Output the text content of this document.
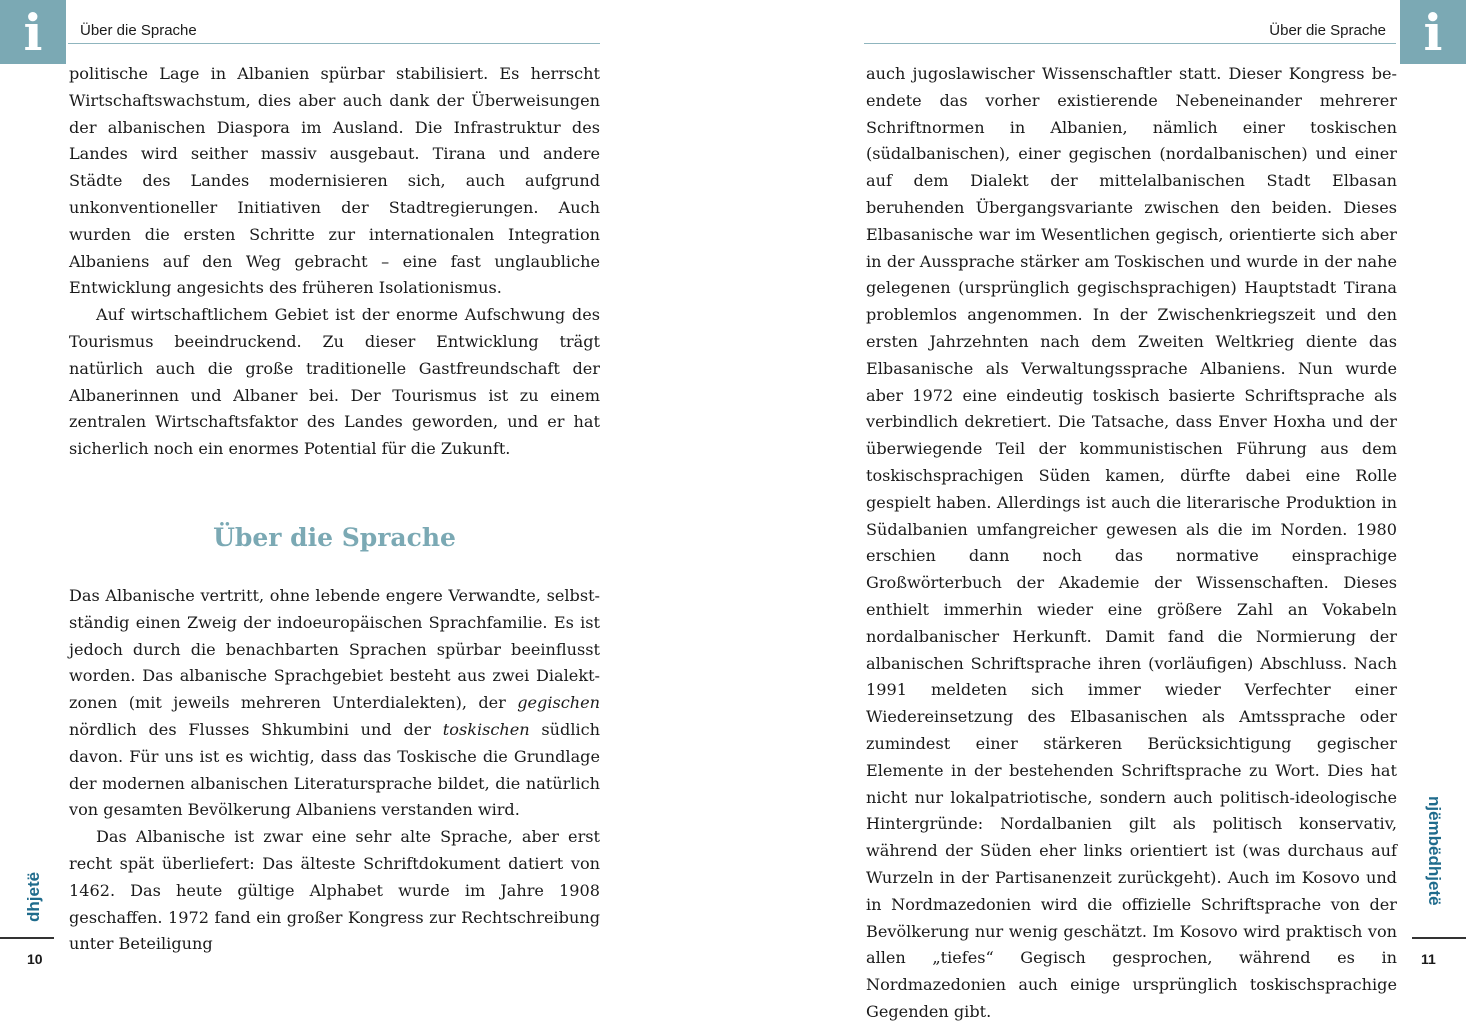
i	Über die Sprache

politische Lage in Albanien spürbar stabilisiert. Es herrscht Wirtschaftswachstum, dies aber auch dank der Überweisungen der albanischen Diaspora im Ausland. Die Infrastruktur des Landes wird seither massiv ausgebaut. Tirana und andere Städte des Landes modernisieren sich, auch aufgrund unkonventioneller Initiativen der Stadtregierungen. Auch wurden die ersten Schritte zur internationalen Integration Albaniens auf den Weg gebracht – eine fast unglaubliche Entwicklung angesichts des früheren Isolationismus.

Auf wirtschaftlichem Gebiet ist der enorme Aufschwung des Tourismus beeindruckend. Zu dieser Entwicklung trägt natürlich auch die große traditionelle Gastfreundschaft der Albanerinnen und Albaner bei. Der Tourismus ist zu einem zentralen Wirtschaftsfaktor des Landes geworden, und er hat sicherlich noch ein enormes Potential für die Zukunft.

Über die Sprache

Das Albanische vertritt, ohne lebende engere Verwandte, selbstständig einen Zweig der indoeuropäischen Sprachfamilie. Es ist jedoch durch die benachbarten Sprachen spürbar beeinflusst worden. Das albanische Sprachgebiet besteht aus zwei Dialektzonen (mit jeweils mehreren Unterdialekten), der gegischen nördlich des Flusses Shkumbini und der toskischen südlich davon. Für uns ist es wichtig, dass das Toskische die Grundlage der modernen albanischen Literatursprache bildet, die natürlich von gesamten Bevölkerung Albaniens verstanden wird.

Das Albanische ist zwar eine sehr alte Sprache, aber erst recht spät überliefert: Das älteste Schriftdokument datiert von 1462. Das heute gültige Alphabet wurde im Jahre 1908 geschaffen. 1972 fand ein großer Kongress zur Rechtschreibung unter Beteiligung

dhjetë
10
i
Über die Sprache

auch jugoslawischer Wissenschaftler statt. Dieser Kongress beendete das vorher existierende Nebeneinander mehrerer Schriftnormen in Albanien, nämlich einer toskischen (südalbanischen), einer gegischen (nordalbanischen) und einer auf dem Dialekt der mittelalbanischen Stadt Elbasan beruhenden Übergangsvariante zwischen den beiden. Dieses Elbasanische war im Wesentlichen gegisch, orientierte sich aber in der Aussprache stärker am Toskischen und wurde in der nahe gelegenen (ursprünglich gegischsprachigen) Hauptstadt Tirana problemlos angenommen. In der Zwischenkriegszeit und den ersten Jahrzehnten nach dem Zweiten Weltkrieg diente das Elbasanische als Verwaltungssprache Albaniens. Nun wurde aber 1972 eine eindeutig toskisch basierte Schriftsprache als verbindlich dekretiert. Die Tatsache, dass Enver Hoxha und der überwiegende Teil der kommunistischen Führung aus dem toskischsprachigen Süden kamen, dürfte dabei eine Rolle gespielt haben. Allerdings ist auch die literarische Produktion in Südalbanien umfangreicher gewesen als die im Norden. 1980 erschien dann noch das normative einsprachige Großwörterbuch der Akademie der Wissenschaften. Dieses enthielt immerhin wieder eine größere Zahl an Vokabeln nordalbanischer Herkunft. Damit fand die Normierung der albanischen Schriftsprache ihren (vorläufigen) Abschluss. Nach 1991 meldeten sich immer wieder Verfechter einer Wiedereinsetzung des Elbasanischen als Amtssprache oder zumindest einer stärkeren Berücksichtigung gegischer Elemente in der bestehenden Schriftsprache zu Wort. Dies hat nicht nur lokalpatriotische, sondern auch politisch-ideologische Hintergründe: Nordalbanien gilt als politisch konservativ, während der Süden eher links orientiert ist (was durchaus auf Wurzeln in der Partisanenzeit zurückgeht). Auch im Kosovo und in Nordmazedonien wird die offizielle Schriftsprache von der Bevölkerung nur wenig geschätzt. Im Kosovo wird praktisch von allen „tiefes“ Gegisch gesprochen, während es in Nordmazedonien auch einige ursprünglich toskischsprachige Gegenden gibt.

njëmbëdhjetë
11
